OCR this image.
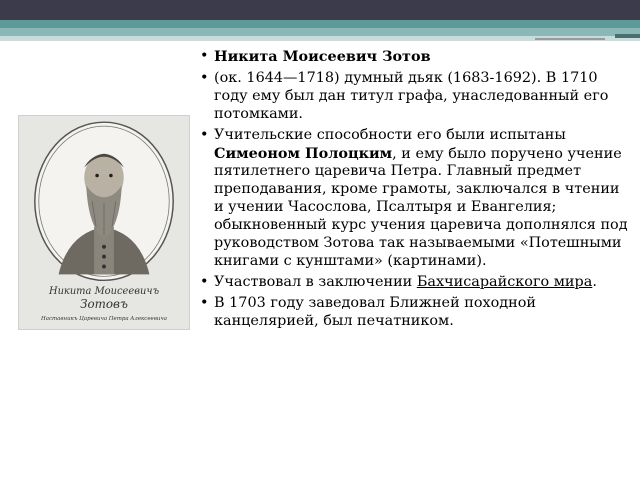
Никита Моисеевичъ
Зотовъ
Наставникъ Царевича Петра Алексеевича
• Никита Моисеевич Зотов
• (ок. 1644—1718) думный дьяк (1683-1692). В 1710 году ему был дан титул графа, унаследованный его потомками.
• Учительские способности его были испытаны Симеоном Полоцким, и ему было поручено учение пятилетнего царевича Петра. Главный предмет преподавания, кроме грамоты, заключался в чтении и учении Часослова, Псалтыря и Евангелия; обыкновенный курс учения царевича дополнялся под руководством Зотова так называемыми «Потешными книгами с кунштами» (картинами).
• Участвовал в заключении Бахчисарайского мира.
• В 1703 году заведовал Ближней походной канцелярией, был печатником.
